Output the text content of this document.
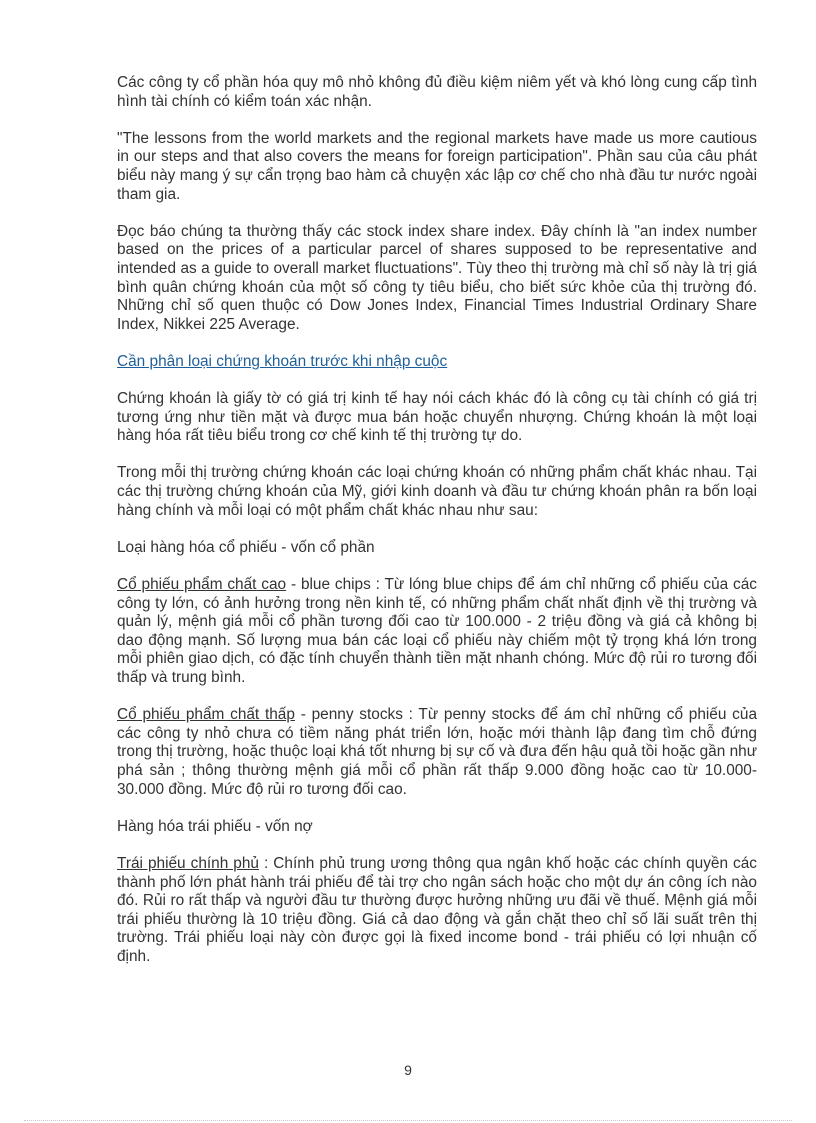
Các công ty cổ phần hóa quy mô nhỏ không đủ điều kiệm niêm yết và khó lòng cung cấp tình hình tài chính có kiểm toán xác nhận.

"The lessons from the world markets and the regional markets have made us more cautious in our steps and that also covers the means for foreign participation". Phần sau của câu phát biểu này mang ý sự cẩn trọng bao hàm cả chuyện xác lập cơ chế cho nhà đầu tư nước ngoài tham gia.

Đọc báo chúng ta thường thấy các stock index share index. Đây chính là "an index number based on the prices of a particular parcel of shares supposed to be representative and intended as a guide to overall market fluctuations". Tùy theo thị trường mà chỉ số này là trị giá bình quân chứng khoán của một số công ty tiêu biểu, cho biết sức khỏe của thị trường đó. Những chỉ số quen thuộc có Dow Jones Index, Financial Times Industrial Ordinary Share Index, Nikkei 225 Average.

Cần phân loại chứng khoán trước khi nhập cuộc

Chứng khoán là giấy tờ có giá trị kinh tế hay nói cách khác đó là công cụ tài chính có giá trị tương ứng như tiền mặt và được mua bán hoặc chuyển nhượng. Chứng khoán là một loại hàng hóa rất tiêu biểu trong cơ chế kinh tế thị trường tự do.

Trong mỗi thị trường chứng khoán các loại chứng khoán có những phẩm chất khác nhau. Tại các thị trường chứng khoán của Mỹ, giới kinh doanh và đầu tư chứng khoán phân ra bốn loại hàng chính và mỗi loại có một phẩm chất khác nhau như sau:

Loại hàng hóa cổ phiếu - vốn cổ phần

Cổ phiếu phẩm chất cao - blue chips : Từ lóng blue chips để ám chỉ những cổ phiếu của các công ty lớn, có ảnh hưởng trong nền kinh tế, có những phẩm chất nhất định về thị trường và quản lý, mệnh giá mỗi cổ phần tương đối cao từ 100.000 - 2 triệu đồng và giá cả không bị dao động mạnh. Số lượng mua bán các loại cổ phiếu này chiếm một tỷ trọng khá lớn trong mỗi phiên giao dịch, có đặc tính chuyển thành tiền mặt nhanh chóng. Mức độ rủi ro tương đối thấp và trung bình.

Cổ phiếu phẩm chất thấp - penny stocks : Từ penny stocks để ám chỉ những cổ phiếu của các công ty nhỏ chưa có tiềm năng phát triển lớn, hoặc mới thành lập đang tìm chỗ đứng trong thị trường, hoặc thuộc loại khá tốt nhưng bị sự cố và đưa đến hậu quả tồi hoặc gần như phá sản ; thông thường mệnh giá mỗi cổ phần rất thấp 9.000 đồng hoặc cao từ 10.000-30.000 đồng. Mức độ rủi ro tương đối cao.

Hàng hóa trái phiếu - vốn nợ

Trái phiếu chính phủ : Chính phủ trung ương thông qua ngân khố hoặc các chính quyền các thành phố lớn phát hành trái phiếu để tài trợ cho ngân sách hoặc cho một dự án công ích nào đó. Rủi ro rất thấp và người đầu tư thường được hưởng những ưu đãi về thuế. Mệnh giá mỗi trái phiếu thường là 10 triệu đồng. Giá cả dao động và gắn chặt theo chỉ số lãi suất trên thị trường. Trái phiếu loại này còn được gọi là fixed income bond - trái phiếu có lợi nhuận cố định.

9
